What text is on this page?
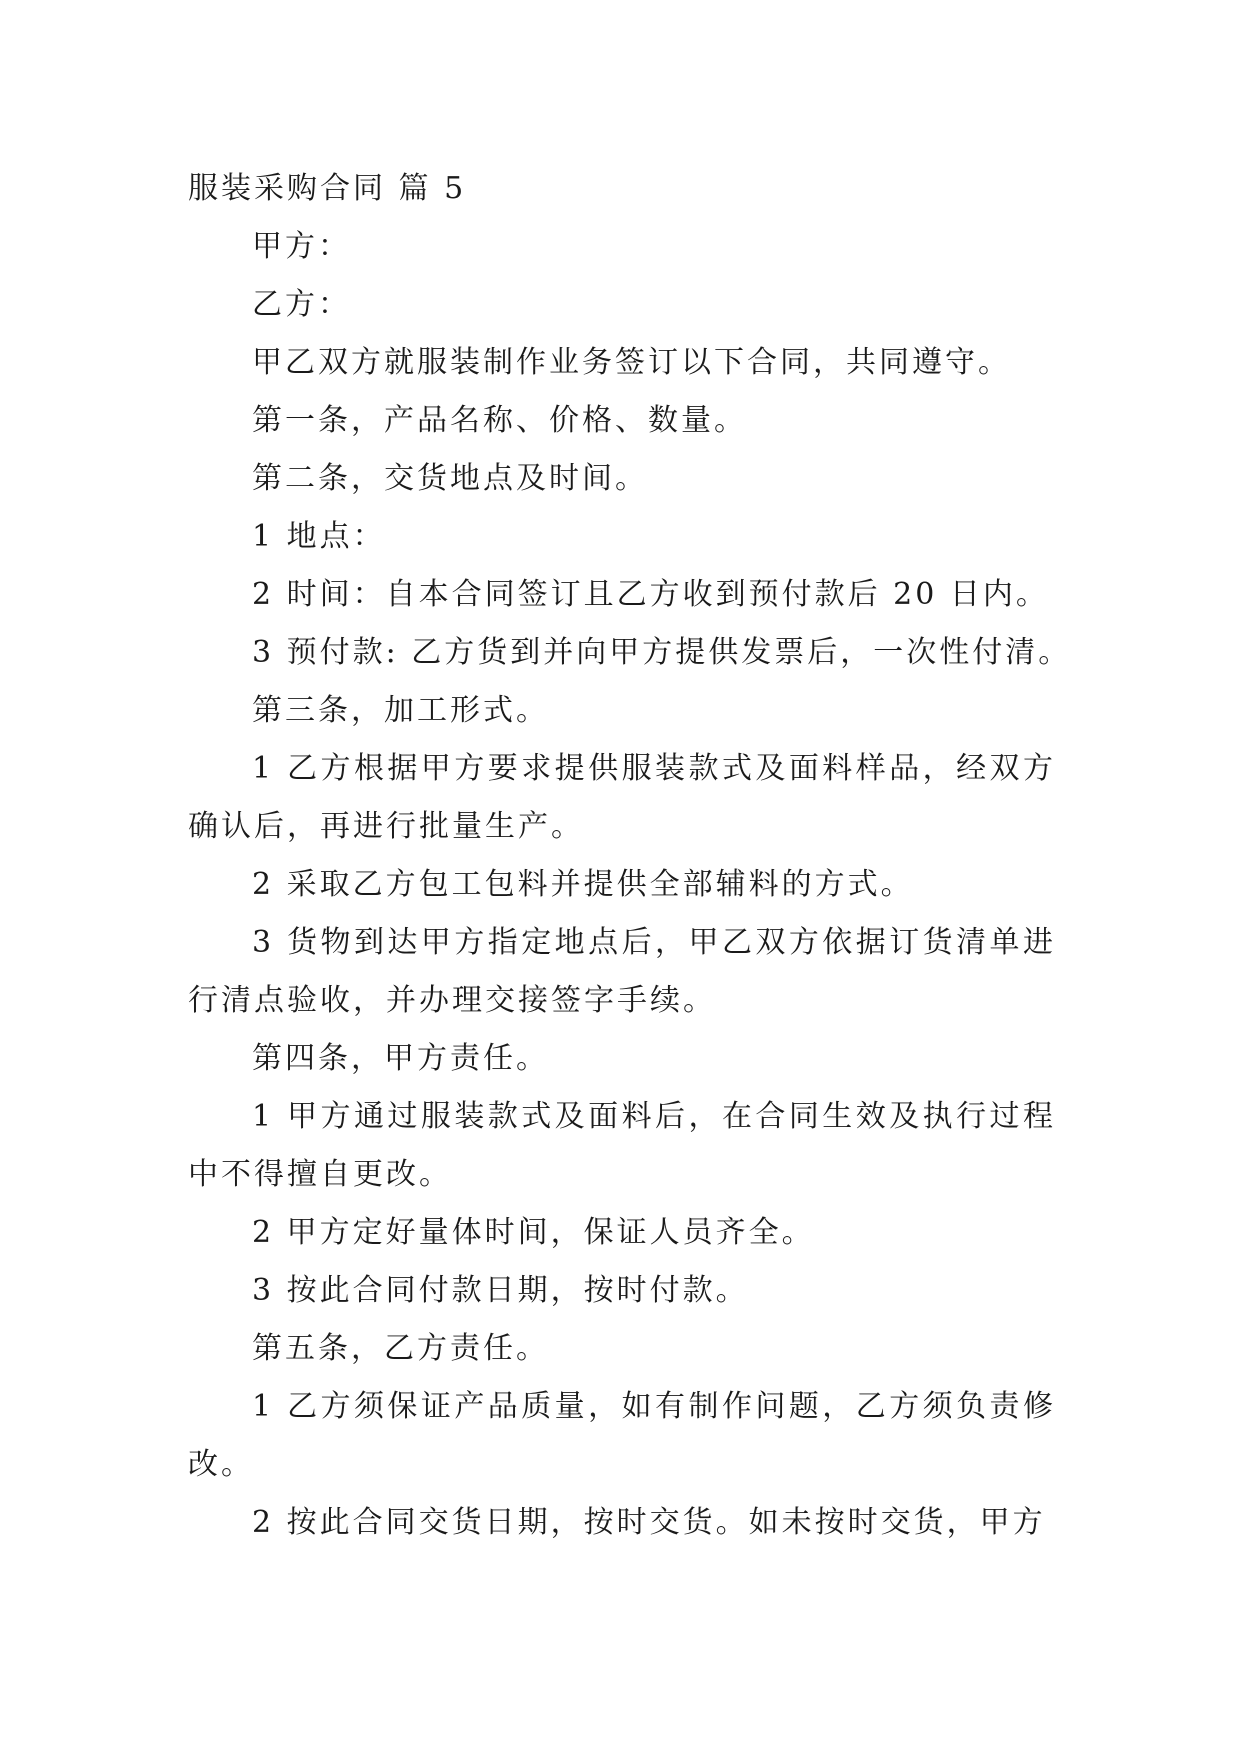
服装采购合同 篇 5

甲方：

乙方：

甲乙双方就服装制作业务签订以下合同，共同遵守。

第一条，产品名称、价格、数量。

第二条，交货地点及时间。

1 地点：

2 时间：自本合同签订且乙方收到预付款后 20 日内。

3 预付款: 乙方货到并向甲方提供发票后，一次性付清。

第三条，加工形式。

1 乙方根据甲方要求提供服装款式及面料样品，经双方确认后，再进行批量生产。

2 采取乙方包工包料并提供全部辅料的方式。

3 货物到达甲方指定地点后，甲乙双方依据订货清单进行清点验收，并办理交接签字手续。

第四条，甲方责任。

1 甲方通过服装款式及面料后，在合同生效及执行过程中不得擅自更改。

2 甲方定好量体时间，保证人员齐全。

3 按此合同付款日期，按时付款。

第五条，乙方责任。

1 乙方须保证产品质量，如有制作问题，乙方须负责修改。

2 按此合同交货日期，按时交货。如未按时交货，甲方
